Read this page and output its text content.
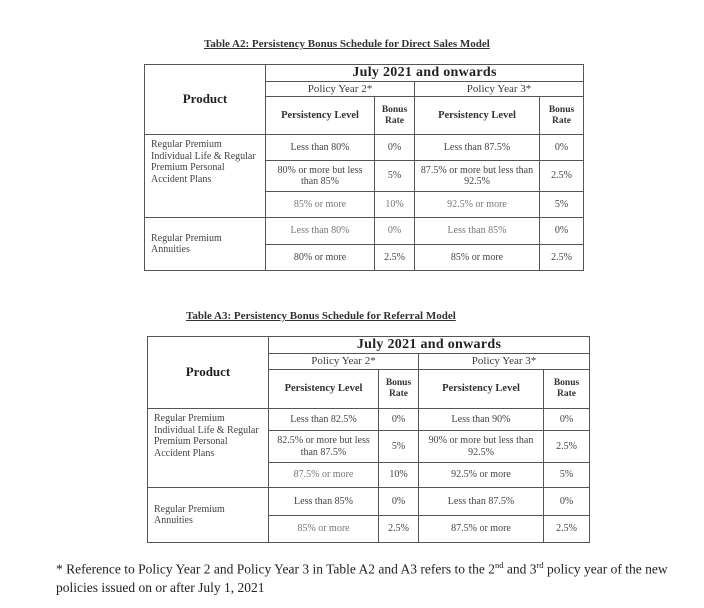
Table A2: Persistency Bonus Schedule for Direct Sales Model
Product	July 2021 and onwards			
	Policy Year 2*		Policy Year 3*	
	Persistency Level	Bonus Rate	Persistency Level	Bonus Rate
Regular Premium Individual Life & Regular Premium Personal Accident Plans	Less than 80%	0%	Less than 87.5%	0%
	80% or more but less than 85%	5%	87.5% or more but less than 92.5%	2.5%
	85% or more	10%	92.5% or more	5%
Regular Premium Annuities	Less than 80%	0%	Less than 85%	0%
	80% or more	2.5%	85% or more	2.5%
Table A3: Persistency Bonus Schedule for Referral Model
Product	July 2021 and onwards			
	Policy Year 2*		Policy Year 3*	
	Persistency Level	Bonus Rate	Persistency Level	Bonus Rate
Regular Premium Individual Life & Regular Premium Personal Accident Plans	Less than 82.5%	0%	Less than 90%	0%
	82.5% or more but less than 87.5%	5%	90% or more but less than 92.5%	2.5%
	87.5% or more	10%	92.5% or more	5%
Regular Premium Annuities	Less than 85%	0%	Less than 87.5%	0%
	85% or more	2.5%	87.5% or more	2.5%
* Reference to Policy Year 2 and Policy Year 3 in Table A2 and A3 refers to the 2nd and 3rd policy year of the new policies issued on or after July 1, 2021
